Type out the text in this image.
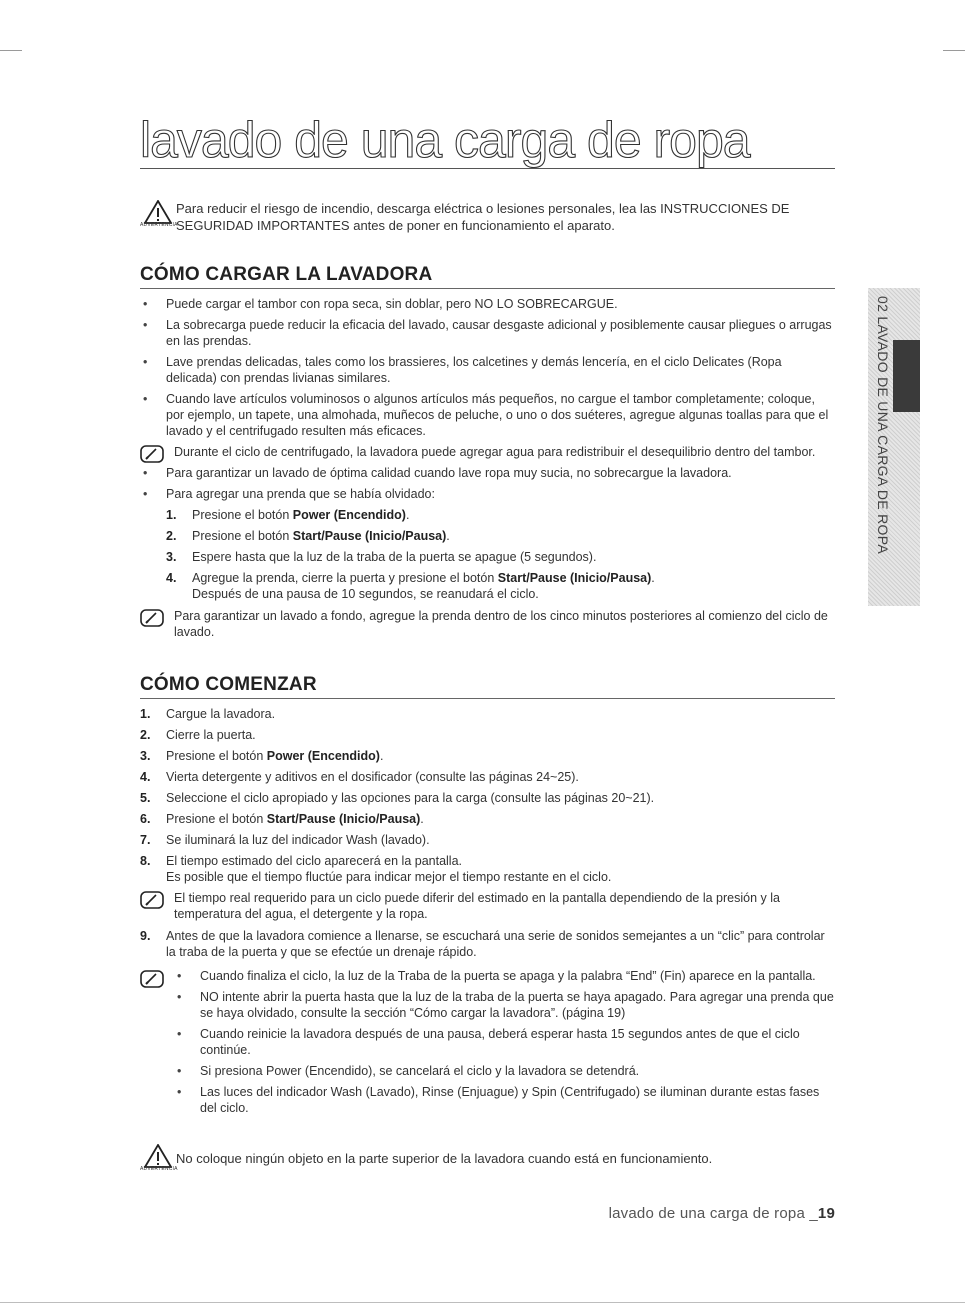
lavado de una carga de ropa
ADVERTENCIA
Para reducir el riesgo de incendio, descarga eléctrica o lesiones personales, lea las INSTRUCCIONES DE SEGURIDAD IMPORTANTES antes de poner en funcionamiento el aparato.
CÓMO CARGAR LA LAVADORA
• Puede cargar el tambor con ropa seca, sin doblar, pero NO LO SOBRECARGUE.
• La sobrecarga puede reducir la eficacia del lavado, causar desgaste adicional y posiblemente causar pliegues o arrugas en las prendas.
• Lave prendas delicadas, tales como los brassieres, los calcetines y demás lencería, en el ciclo Delicates (Ropa delicada) con prendas livianas similares.
• Cuando lave artículos voluminosos o algunos artículos más pequeños, no cargue el tambor completamente; coloque, por ejemplo, un tapete, una almohada, muñecos de peluche, o uno o dos suéteres, agregue algunas toallas para que el lavado y el centrifugado resulten más eficaces.
Durante el ciclo de centrifugado, la lavadora puede agregar agua para redistribuir el desequilibrio dentro del tambor.
• Para garantizar un lavado de óptima calidad cuando lave ropa muy sucia, no sobrecargue la lavadora.
• Para agregar una prenda que se había olvidado:
1. Presione el botón Power (Encendido).
2. Presione el botón Start/Pause (Inicio/Pausa).
3. Espere hasta que la luz de la traba de la puerta se apague (5 segundos).
4. Agregue la prenda, cierre la puerta y presione el botón Start/Pause (Inicio/Pausa).
Después de una pausa de 10 segundos, se reanudará el ciclo.
Para garantizar un lavado a fondo, agregue la prenda dentro de los cinco minutos posteriores al comienzo del ciclo de lavado.
CÓMO COMENZAR
1. Cargue la lavadora.
2. Cierre la puerta.
3. Presione el botón Power (Encendido).
4. Vierta detergente y aditivos en el dosificador (consulte las páginas 24~25).
5. Seleccione el ciclo apropiado y las opciones para la carga (consulte las páginas 20~21).
6. Presione el botón Start/Pause (Inicio/Pausa).
7. Se iluminará la luz del indicador Wash (lavado).
8. El tiempo estimado del ciclo aparecerá en la pantalla.
Es posible que el tiempo fluctúe para indicar mejor el tiempo restante en el ciclo.
El tiempo real requerido para un ciclo puede diferir del estimado en la pantalla dependiendo de la presión y la temperatura del agua, el detergente y la ropa.
9. Antes de que la lavadora comience a llenarse, se escuchará una serie de sonidos semejantes a un “clic” para controlar la traba de la puerta y que se efectúe un drenaje rápido.
• Cuando finaliza el ciclo, la luz de la Traba de la puerta se apaga y la palabra “End” (Fin) aparece en la pantalla.
• NO intente abrir la puerta hasta que la luz de la traba de la puerta se haya apagado. Para agregar una prenda que se haya olvidado, consulte la sección “Cómo cargar la lavadora”. (página 19)
• Cuando reinicie la lavadora después de una pausa, deberá esperar hasta 15 segundos antes de que el ciclo continúe.
• Si presiona Power (Encendido), se cancelará el ciclo y la lavadora se detendrá.
• Las luces del indicador Wash (Lavado), Rinse (Enjuague) y Spin (Centrifugado) se iluminan durante estas fases del ciclo.
ADVERTENCIA
No coloque ningún objeto en la parte superior de la lavadora cuando está en funcionamiento.
02 LAVADO DE UNA CARGA DE ROPA
lavado de una carga de ropa _19
